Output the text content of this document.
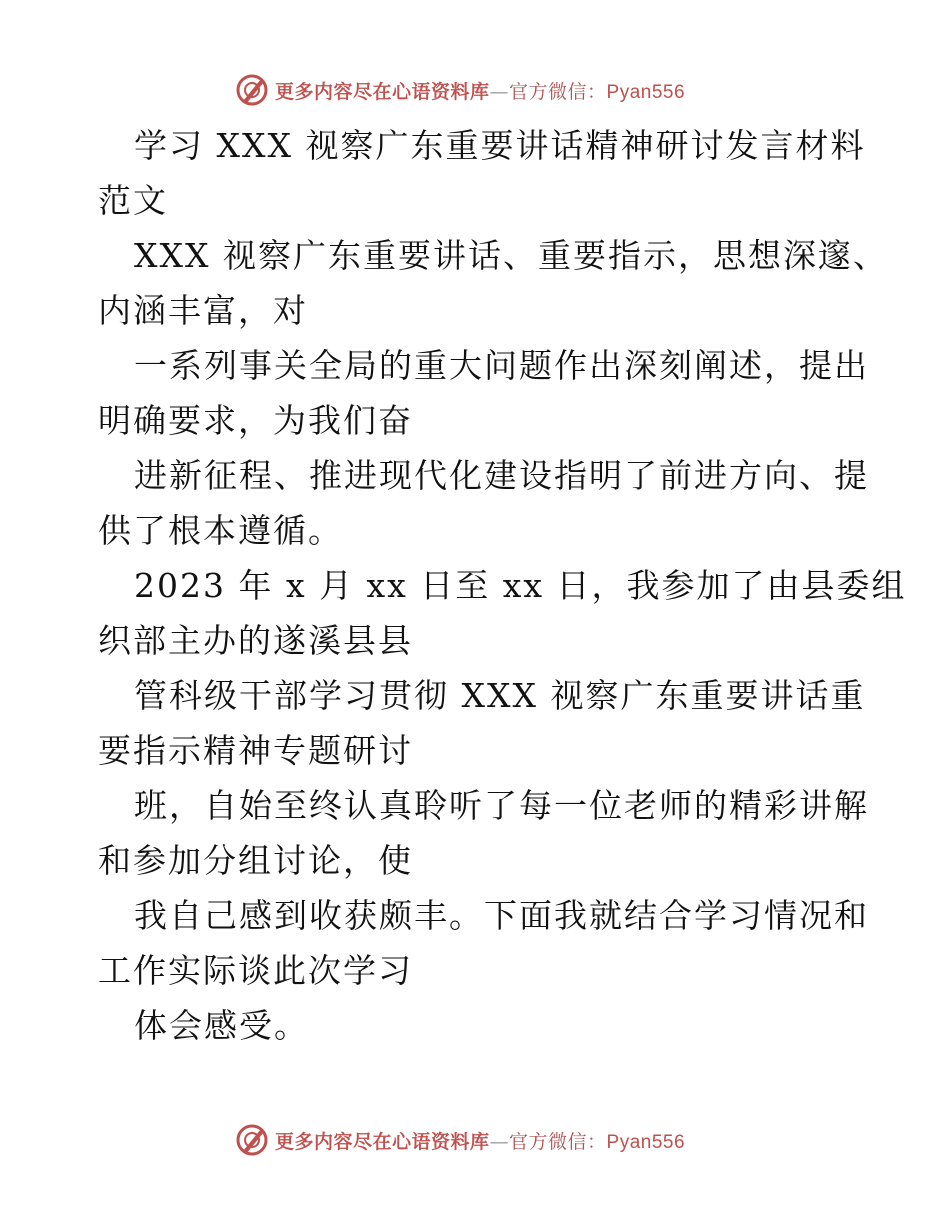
更多内容尽在心语资料库—官方微信：Pyan556
学习 XXX 视察广东重要讲话精神研讨发言材料
范文
XXX 视察广东重要讲话、重要指示，思想深邃、
内涵丰富，对
一系列事关全局的重大问题作出深刻阐述，提出
明确要求，为我们奋
进新征程、推进现代化建设指明了前进方向、提
供了根本遵循。
2023 年 x 月 xx 日至 xx 日，我参加了由县委组
织部主办的遂溪县县
管科级干部学习贯彻 XXX 视察广东重要讲话重
要指示精神专题研讨
班，自始至终认真聆听了每一位老师的精彩讲解
和参加分组讨论，使
我自己感到收获颇丰。下面我就结合学习情况和
工作实际谈此次学习
体会感受。
更多内容尽在心语资料库—官方微信：Pyan556
